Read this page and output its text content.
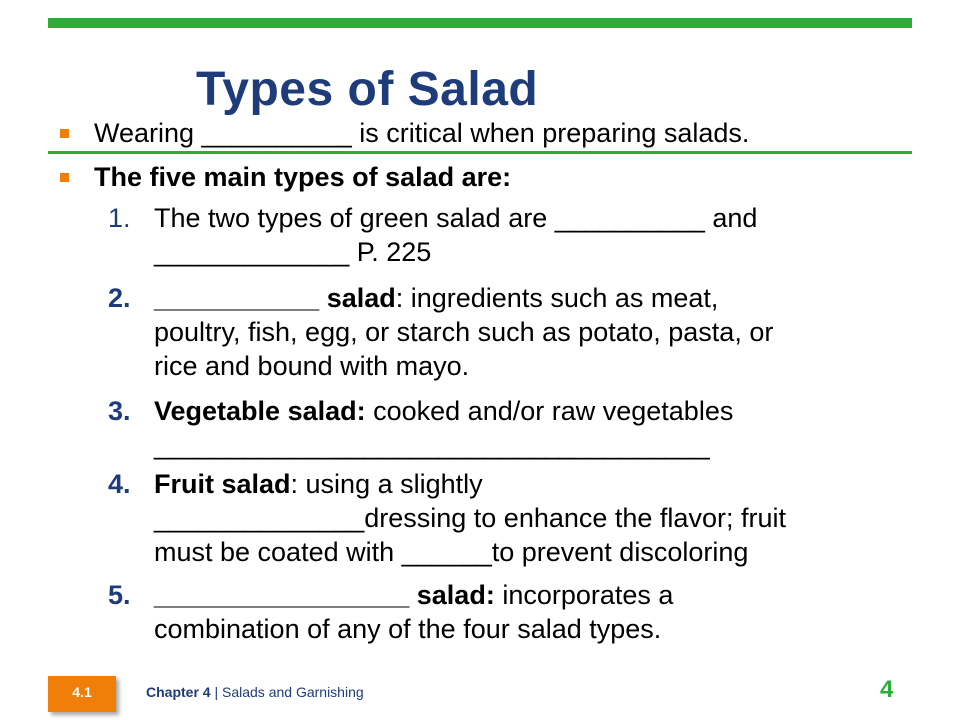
Types of Salad
Wearing __________ is critical when preparing salads.
The five main types of salad are:
1. The two types of green salad are __________ and
_____________ P. 225
2. ___________ salad: ingredients such as meat,
poultry, fish, egg, or starch such as potato, pasta, or
rice and bound with mayo.
3. Vegetable salad: cooked and/or raw vegetables
_____________________________________
4. Fruit salad: using a slightly
______________dressing to enhance the flavor; fruit
must be coated with ______to prevent discoloring
5. _________________ salad: incorporates a
combination of any of the four salad types.
4.1	Chapter 4 | Salads and Garnishing	4
